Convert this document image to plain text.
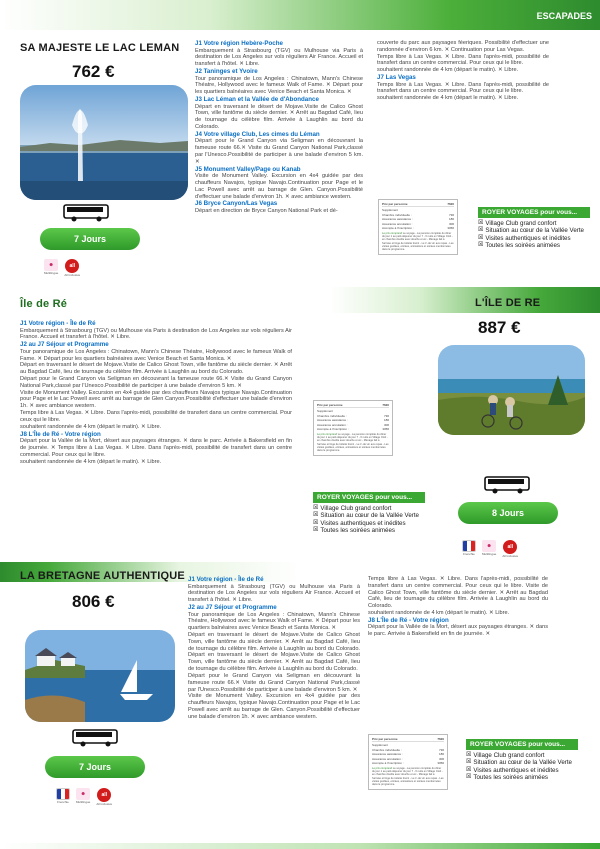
ESCAPADES
SA MAJESTE LE LAC LEMAN
762 €
7 Jours
☻
Multilingue
all
All Inclusive
J1 Votre région Hebère-Poche

Embarquement à Strasbourg (TGV) ou Mulhouse via Paris à destination de Los Angeles sur vols réguliers Air France. Accueil et transfert à l'hôtel. ✕ Libre.

J2 Taninges et Yvoire

Tour panoramique de Los Angeles : Chinatown, Mann's Chinese Théatre, Hollywood avec le fameux Walk of Fame. ✕ Départ pour les quartiers balnéaires avec Venice Beach et Santa Monica. ✕

J3 Lac Léman et la Vallée de d'Abondance

Départ en traversant le désert de Mojave.Visite de Calico Ghost Town, ville fantôme du siècle dernier. ✕ Arrêt au Bagdad Café, lieu de tournage du célèbre film. Arrivée à Laughlin au bord du Colorado.

J4 Votre village Club, Les cimes du Léman

Départ pour le Grand Canyon via Seligman en découvrant la fameuse route 66.✕ Visite du Grand Canyon National Park,classé par l'Unesco.Possibilité de participer à une balade d'environ 5 km. ✕

J5 Monument Valley/Page ou Kanab

Visite de Monument Valley. Excursion en 4x4 guidée par des chauffeurs Navajos, typique Navajo.Continuation pour Page et le Lac Powell avec arrêt au barrage de Glen. Canyon.Possibilité d'effectuer une balade d'environ 1h. ✕ avec ambiance western.

J6 Bryce Canyon/Las Vegas

Départ en direction de Bryce Canyon National Park et dé-

couverte du parc aux paysages féeriques. Possibilité d'effectuer une randonnée d'environ 6 km. ✕ Continuation pour Las Vegas.

Temps libre à Las Vegas. ✕ Libre. Dans l'après-midi, possibilité de transfert dans un centre commercial. Pour ceux qui le libre.

souhaitent randonnée de 4 km (départ le matin). ✕ Libre.

J7 Las Vegas

Temps libre à Las Vegas. ✕ Libre. Dans l'après-midi, possibilité de transfert dans un centre commercial. Pour ceux qui le libre.

souhaitent randonnée de 4 km (départ le matin). ✕ Libre.

Prix par personne	762€
Supplément
Chambre individuelle :	73€
Assurance assistance :	18€
Assurance annulation :	30€
Acompte à l'inscription :	305€
Le prix comprend Le voyage - La pension complète du dîner du jour 1 au petit-déjeuner du jour 7 - 6 nuits en Village Club - en chambre double avec douche et wc - Ménage fait à l'arrivée et linge de toilette fourni - Le ¼ de vin aux repas - Les visites guidées, entrées, animations et soirées mentionnées dans le programme.
ROYER VOYAGES pour vous...
☒ Village Club grand confort
☒ Situation au cœur de la Vallée Verte
☒ Visites authentiques et inédites
☒ Toutes les soirées animées
Île de Ré	L'ÎLE DE RE
887 €
J1 Votre région - Île de Ré

Embarquement à Strasbourg (TGV) ou Mulhouse via Paris à destination de Los Angeles sur vols réguliers Air France. Accueil et transfert à l'hôtel. ✕ Libre.

J2 au J7 Séjour et Programme

Tour panoramique de Los Angeles : Chinatown, Mann's Chinese Théatre, Hollywood avec le fameux Walk of Fame. ✕ Départ pour les quartiers balnéaires avec Venice Beach et Santa Monica. ✕

Départ en traversant le désert de Mojave.Visite de Calico Ghost Town, ville fantôme du siècle dernier. ✕ Arrêt au Bagdad Café, lieu de tournage du célèbre film. Arrivée à Laughlin au bord du Colorado.

Départ pour le Grand Canyon via Seligman en découvrant la fameuse route 66.✕ Visite du Grand Canyon National Park,classé par l'Unesco.Possibilité de participer à une balade d'environ 5 km. ✕

Visite de Monument Valley. Excursion en 4x4 guidée par des chauffeurs Navajos typique Navajo.Continuation pour Page et le Lac Powell avec arrêt au barrage de Glen Canyon.Possibilité d'effectuer une balade d'environ 1h. ✕ avec ambiance western.

Temps libre à Las Vegas. ✕ Libre. Dans l'après-midi, possibilité de transfert dans un centre commercial. Pour ceux qui le libre.

souhaitent randonnée de 4 km (départ le matin). ✕ Libre.

J8 L'Île de Ré - Votre région

Départ pour la Vallée de la Mort, désert aux paysages étranges. ✕ dans le parc. Arrivée à Bakersfield en fin de journée. ✕ Temps libre à Las Vegas. ✕ Libre. Dans l'après-midi, possibilité de transfert dans un centre commercial. Pour ceux qui le libre.

souhaitent randonnée de 4 km (départ le matin). ✕ Libre.

Prix par personne	762€
Supplément
Chambre individuelle :	73€
Assurance assistance :	18€
Assurance annulation :	30€
Acompte à l'inscription :	305€
Le prix comprend Le voyage - La pension complète du dîner du jour 1 au petit-déjeuner du jour 7 - 6 nuits en Village Club - en chambre double avec douche et wc - Ménage fait à l'arrivée et linge de toilette fourni - Le ¼ de vin aux repas - Les visites guidées, entrées, animations et soirées mentionnées dans le programme.
8 Jours
ROYER VOYAGES pour vous...
☒ Village Club grand confort
☒ Situation au cœur de la Vallée Verte
☒ Visites authentiques et inédites
☒ Toutes les soirées animées
Frenchie
☻
Multilingue
all
All Inclusive
LA BRETAGNE AUTHENTIQUE
806 €
7 Jours
Frenchie
☻
Multilingue
all
All Inclusive
J1 Votre région - Île de Ré

Embarquement à Strasbourg (TGV) ou Mulhouse via Paris à destination de Los Angeles sur vols réguliers Air France. Accueil et transfert à l'hôtel. ✕ Libre.

J2 au J7 Séjour et Programme

Tour panoramique de Los Angeles : Chinatown, Mann's Chinese Théatre, Hollywood avec le fameux Walk of Fame. ✕ Départ pour les quartiers balnéaires avec Venice Beach et Santa Monica. ✕

Départ en traversant le désert de Mojave.Visite de Calico Ghost Town, ville fantôme du siècle dernier. ✕ Arrêt au Bagdad Café, lieu de tournage du célèbre film. Arrivée à Laughlin au bord du Colorado. Départ en traversant le désert de Mojave.Visite de Calico Ghost Town, ville fantôme du siècle dernier. ✕ Arrêt au Bagdad Café, lieu de tournage du célèbre film. Arrivée à Laughlin au bord du Colorado.

Départ pour le Grand Canyon via Seligman en découvrant la fameuse route 66.✕ Visite du Grand Canyon National Park,classé par l'Unesco.Possibilité de participer à une balade d'environ 5 km. ✕

Visite de Monument Valley. Excursion en 4x4 guidée par des chauffeurs Navajos, typique Navajo.Continuation pour Page et le Lac Powell avec arrêt au barrage de Glen. Canyon.Possibilité d'effectuer une balade d'environ 1h. ✕ avec ambiance western.

Temps libre à Las Vegas. ✕ Libre. Dans l'après-midi, possibilité de transfert dans un centre commercial. Pour ceux qui le libre. Visite de Calico Ghost Town, ville fantôme du siècle dernier. ✕ Arrêt au Bagdad Café, lieu de tournage du célèbre film. Arrivée à Laughlin au bord du Colorado.

souhaitent randonnée de 4 km (départ le matin). ✕ Libre.

J8 L'Île de Ré - Votre région

Départ pour la Vallée de la Mort, désert aux paysages étranges. ✕ dans le parc. Arrivée à Bakersfield en fin de journée. ✕

Prix par personne	762€
Supplément
Chambre individuelle :	73€
Assurance assistance :	18€
Assurance annulation :	30€
Acompte à l'inscription :	305€
Le prix comprend Le voyage - La pension complète du dîner du jour 1 au petit-déjeuner du jour 7 - 6 nuits en Village Club - en chambre double avec douche et wc - Ménage fait à l'arrivée et linge de toilette fourni - Le ¼ de vin aux repas - Les visites guidées, entrées, animations et soirées mentionnées dans le programme.
ROYER VOYAGES pour vous...
☒ Village Club grand confort
☒ Situation au cœur de la Vallée Verte
☒ Visites authentiques et inédites
☒ Toutes les soirées animées
